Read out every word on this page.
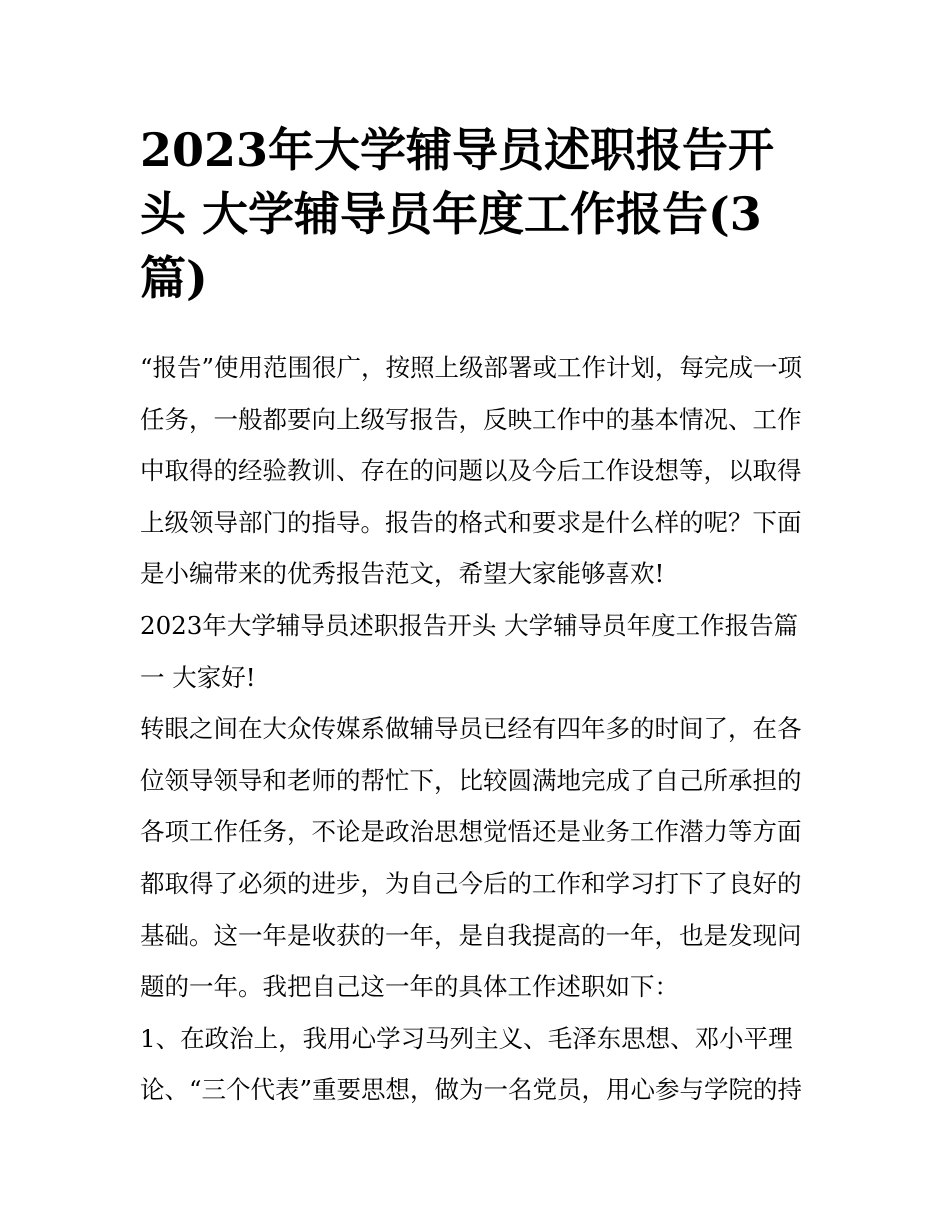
2023年大学辅导员述职报告开头 大学辅导员年度工作报告(3篇)

“报告”使用范围很广，按照上级部署或工作计划，每完成一项任务，一般都要向上级写报告，反映工作中的基本情况、工作中取得的经验教训、存在的问题以及今后工作设想等，以取得上级领导部门的指导。报告的格式和要求是什么样的呢？下面是小编带来的优秀报告范文，希望大家能够喜欢!

2023年大学辅导员述职报告开头 大学辅导员年度工作报告篇一 大家好!

转眼之间在大众传媒系做辅导员已经有四年多的时间了，在各位领导领导和老师的帮忙下，比较圆满地完成了自己所承担的各项工作任务，不论是政治思想觉悟还是业务工作潜力等方面都取得了必须的进步，为自己今后的工作和学习打下了良好的基础。这一年是收获的一年，是自我提高的一年，也是发现问题的一年。我把自己这一年的具体工作述职如下：

1、在政治上，我用心学习马列主义、毛泽东思想、邓小平理论、“三个代表”重要思想，做为一名党员，用心参与学院的持
